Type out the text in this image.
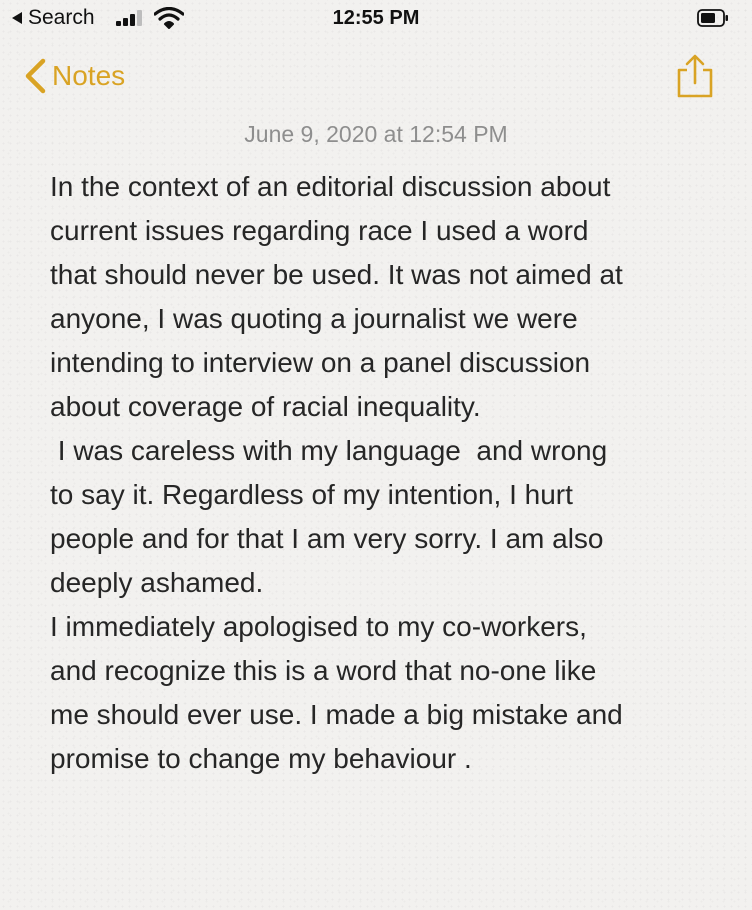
Search	12:55 PM
Notes
June 9, 2020 at 12:54 PM

In the context of an editorial discussion about

current issues regarding race I used a word

that should never be used. It was not aimed at

anyone, I was quoting a journalist we were

intending to interview on a panel discussion

about coverage of racial inequality.

I was careless with my language  and wrong

to say it. Regardless of my intention, I hurt

people and for that I am very sorry. I am also

deeply ashamed.

I immediately apologised to my co-workers,

and recognize this is a word that no-one like

me should ever use. I made a big mistake and

promise to change my behaviour .
